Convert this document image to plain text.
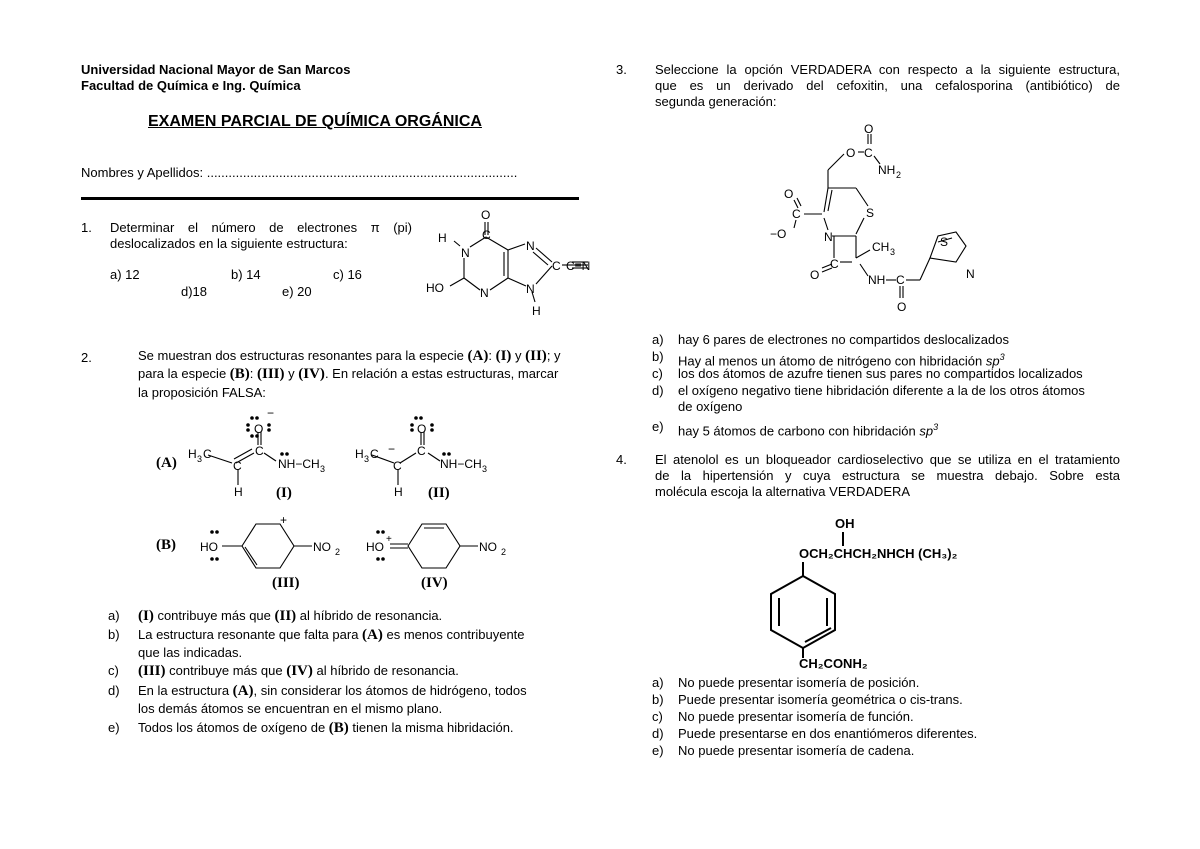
Universidad Nacional Mayor de San Marcos
Facultad de Química e Ing. Química
EXAMEN PARCIAL DE QUÍMICA ORGÁNICA
Nombres y Apellidos: ......................................................................................
1. Determinar el número de electrones π (pi)
deslocalizados en la siguiente estructura:
a) 12	b) 14	c) 16
d)18	e) 20
O
H
N
C
N
HO
N
N
H
C C≡N
2.	Se muestran dos estructuras resonantes para la especie (A): (I) y (II); y
para la especie (B): (III) y (IV). En relación a estas estructuras, marcar
la proposición FALSA:
O
−
H 3 C
C
C
H
NH−CH 3
O
H 3 C
C
− C
H
NH−CH 3
(A)
(I)	(II)
HO
+
NO 2 HO
+
NO 2
(B)
(III)	(IV)
a) (I) contribuye más que (II) al híbrido de resonancia.
b) La estructura resonante que falta para (A) es menos contribuyente
que las indicadas.
c) (III) contribuye más que (IV) al híbrido de resonancia.
d) En la estructura (A), sin considerar los átomos de hidrógeno, todos
los demás átomos se encuentran en el mismo plano.
e) Todos los átomos de oxígeno de (B) tienen la misma hibridación.
3. Seleccione la opción VERDADERA con respecto a la siguiente estructura,
que es un derivado del cefoxitin, una cefalosporina (antibiótico) de
segunda generación:
O
O C
NH 2
S
N
CH 3
C
O	NH C
O
C
O
−O
S
N
a) hay 6 pares de electrones no compartidos deslocalizados
b) Hay al menos un átomo de nitrógeno con hibridación $sp^3$
c) los dos átomos de azufre tienen sus pares no compartidos localizados
d) el oxígeno negativo tiene hibridación diferente a la de los otros átomos
de oxígeno
e) hay 5 átomos de carbono con hibridación $sp^3$
4. El atenolol es un bloqueador cardioselectivo que se utiliza en el tratamiento
de la hipertensión y cuya estructura se muestra debajo. Sobre esta
molécula escoja la alternativa VERDADERA
OH
OCH₂CHCH₂NHCH (CH₃)₂
CH₂CONH₂
a) No puede presentar isomería de posición.
b) Puede presentar isomería geométrica o cis-trans.
c) No puede presentar isomería de función.
d) Puede presentarse en dos enantiómeros diferentes.
e) No puede presentar isomería de cadena.
